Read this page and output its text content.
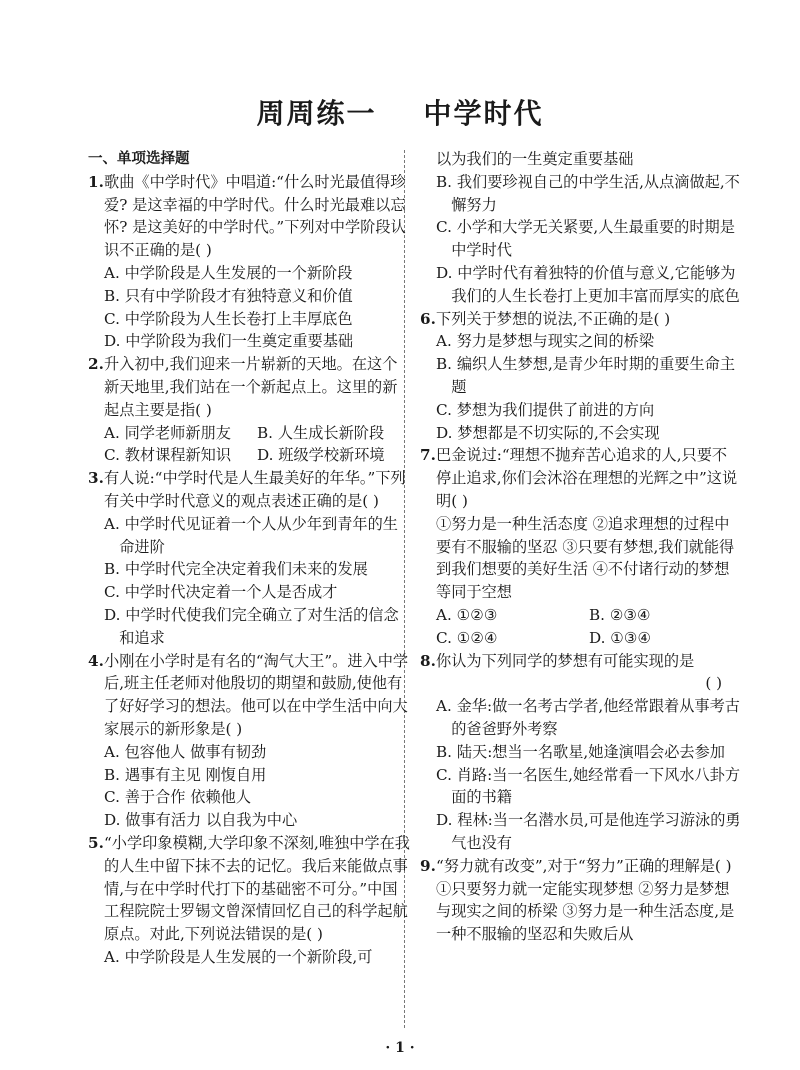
周周练一    中学时代
一、单项选择题
1. 歌曲《中学时代》中唱道:“什么时光最值得珍爱? 是这幸福的中学时代。什么时光最难以忘怀? 是这美好的中学时代。”下列对中学阶段认识不正确的是( )
A. 中学阶段是人生发展的一个新阶段
B. 只有中学阶段才有独特意义和价值
C. 中学阶段为人生长卷打上丰厚底色
D. 中学阶段为我们一生奠定重要基础
2. 升入初中,我们迎来一片崭新的天地。在这个新天地里,我们站在一个新起点上。这里的新起点主要是指( )
A. 同学老师新朋友	B. 人生成长新阶段
C. 教材课程新知识	D. 班级学校新环境
3. 有人说:“中学时代是人生最美好的年华。”下列有关中学时代意义的观点表述正确的是( )
A. 中学时代见证着一个人从少年到青年的生命进阶
B. 中学时代完全决定着我们未来的发展
C. 中学时代决定着一个人是否成才
D. 中学时代使我们完全确立了对生活的信念和追求
4. 小刚在小学时是有名的“淘气大王”。进入中学后,班主任老师对他殷切的期望和鼓励,使他有了好好学习的想法。他可以在中学生活中向大家展示的新形象是( )
A. 包容他人 做事有韧劲
B. 遇事有主见 刚愎自用
C. 善于合作 依赖他人
D. 做事有活力 以自我为中心
5. “小学印象模糊,大学印象不深刻,唯独中学在我的人生中留下抹不去的记忆。我后来能做点事情,与在中学时代打下的基础密不可分。”中国工程院院士罗锡文曾深情回忆自己的科学起航原点。对此,下列说法错误的是( )
A. 中学阶段是人生发展的一个新阶段,可
以为我们的一生奠定重要基础
B. 我们要珍视自己的中学生活,从点滴做起,不懈努力
C. 小学和大学无关紧要,人生最重要的时期是中学时代
D. 中学时代有着独特的价值与意义,它能够为我们的人生长卷打上更加丰富而厚实的底色
6. 下列关于梦想的说法,不正确的是( )
A. 努力是梦想与现实之间的桥梁
B. 编织人生梦想,是青少年时期的重要生命主题
C. 梦想为我们提供了前进的方向
D. 梦想都是不切实际的,不会实现
7. 巴金说过:“理想不抛弃苦心追求的人,只要不停止追求,你们会沐浴在理想的光辉之中”这说明( )
①努力是一种生活态度 ②追求理想的过程中要有不服输的坚忍 ③只要有梦想,我们就能得到我们想要的美好生活 ④不付诸行动的梦想等同于空想
A. ①②③	B. ②③④
C. ①②④	D. ①③④
8. 你认为下列同学的梦想有可能实现的是
( )
A. 金华:做一名考古学者,他经常跟着从事考古的爸爸野外考察
B. 陆天:想当一名歌星,她逢演唱会必去参加
C. 肖路:当一名医生,她经常看一下风水八卦方面的书籍
D. 程林:当一名潜水员,可是他连学习游泳的勇气也没有
9. “努力就有改变”,对于“努力”正确的理解是( )
①只要努力就一定能实现梦想 ②努力是梦想与现实之间的桥梁 ③努力是一种生活态度,是一种不服输的坚忍和失败后从
· 1 ·
